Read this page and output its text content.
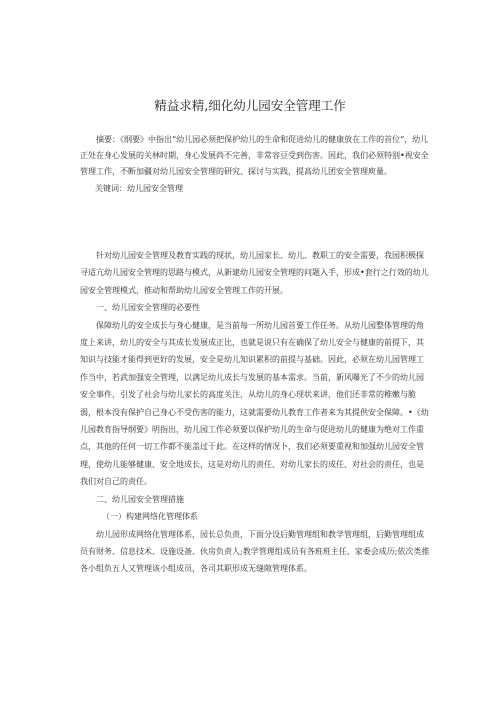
精益求精,细化幼儿园安全管理工作

摘要：《纲要》中指出“幼儿园必须把保护幼儿的生命和促进幼儿的健康放在工作的首位“，幼儿正处在身心发展的关林时期，身心发展尚不完善，非常容豆受到伤害。因此，我们必须特别•视安全管理工作，不断加疆对幼儿园安全管理的研究、探讨与实践，提高幼儿团安全管理庾量。

关键词：幼儿园安全管理

针对幼儿园安全管理及教育实践的现状，幼儿园家长、幼儿、教职工的安全需要，我园积极探寻适亢幼儿园安全管理的思路与模式，从新建幼儿园安全管理的问题入手，形成•套行之行效的幼儿园安全管理模式，推动和帮助幼儿园安全管理工作的开展。

一、幼儿园安全管理的必要性

保障幼儿的安全成长与身心健康，是当前每一所幼儿园首要工作任务。从幼儿园整体管理的角度上来讲，幼儿的安全与其成长发展成正比，也就是说只有在确保了幼儿安全与健康的前提下，其知识与技能才能得到更好的发展，安全是幼儿知识累积的前提与基础。因此，必须在幼儿园管理工作当中，若武加强安全管理，以满足幼儿成长与发展的基本需求。当前，新风曝光了不少的幼儿园安全事件，引发了社会与幼儿家长的高度关注，从幼儿的身心现状来讲，他们还非常的稚嫩与脆弱，根本没有保护自己身心不受伤害的能力，这就需要幼儿教育工作者来为其提供安全保障。•《幼儿园教育指导纲要》明指出，幼儿园工作必须要以保护幼儿的生命与促进幼儿的健康为绝对工作重点，其他的任何一切工作都不能盖过于此。在这样的情况卜，我们必须要重视和加强幼儿园安全管理，使幼儿能够健康、安全地成长，这是对幼儿的责任、对幼儿家长的成任、对社会的责任，也是我们对自己的责任。

二、幼儿园安全管理措施

（一）构建网络化管理体系

幼儿园形成网络化管理体系，园长总负责，下面分设后勤管理组和教学管理组，后勤管理组成员有财务、信息技术、设施设备、伙房负责人;教学管理组成员有各班班主任、家委会成历;依次类推各小组负五人又管理该小组成员，各司其职形成无缝隙管理体系。
